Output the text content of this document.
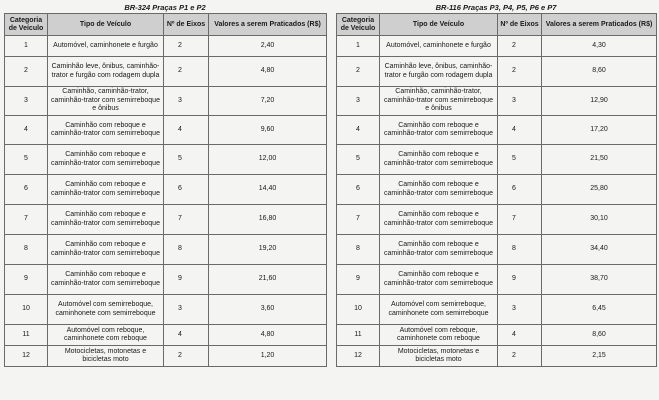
BR-324 Praças P1 e P2
Categoria de Veículo	Tipo de Veículo	Nº de Eixos	Valores a serem Praticados (R$)
1	Automóvel, caminhonete e furgão	2	2,40
2	Caminhão leve, ônibus, caminhão-trator e furgão com rodagem dupla	2	4,80
3	Caminhão, caminhão-trator, caminhão-trator com semirreboque e ônibus	3	7,20
4	Caminhão com reboque e caminhão-trator com semirreboque	4	9,60
5	Caminhão com reboque e caminhão-trator com semirreboque	5	12,00
6	Caminhão com reboque e caminhão-trator com semirreboque	6	14,40
7	Caminhão com reboque e caminhão-trator com semirreboque	7	16,80
8	Caminhão com reboque e caminhão-trator com semirreboque	8	19,20
9	Caminhão com reboque e caminhão-trator com semirreboque	9	21,60
10	Automóvel com semirreboque, caminhonete com semirreboque	3	3,60
11	Automóvel com reboque, caminhonete com reboque	4	4,80
12	Motocicletas, motonetas e bicicletas moto	2	1,20
BR-116 Praças P3, P4, P5, P6 e P7
Categoria de Veículo	Tipo de Veículo	Nº de Eixos	Valores a serem Praticados (R$)
1	Automóvel, caminhonete e furgão	2	4,30
2	Caminhão leve, ônibus, caminhão-trator e furgão com rodagem dupla	2	8,60
3	Caminhão, caminhão-trator, caminhão-trator com semirreboque e ônibus	3	12,90
4	Caminhão com reboque e caminhão-trator com semirreboque	4	17,20
5	Caminhão com reboque e caminhão-trator com semirreboque	5	21,50
6	Caminhão com reboque e caminhão-trator com semirreboque	6	25,80
7	Caminhão com reboque e caminhão-trator com semirreboque	7	30,10
8	Caminhão com reboque e caminhão-trator com semirreboque	8	34,40
9	Caminhão com reboque e caminhão-trator com semirreboque	9	38,70
10	Automóvel com semirreboque, caminhonete com semirreboque	3	6,45
11	Automóvel com reboque, caminhonete com reboque	4	8,60
12	Motocicletas, motonetas e bicicletas moto	2	2,15
